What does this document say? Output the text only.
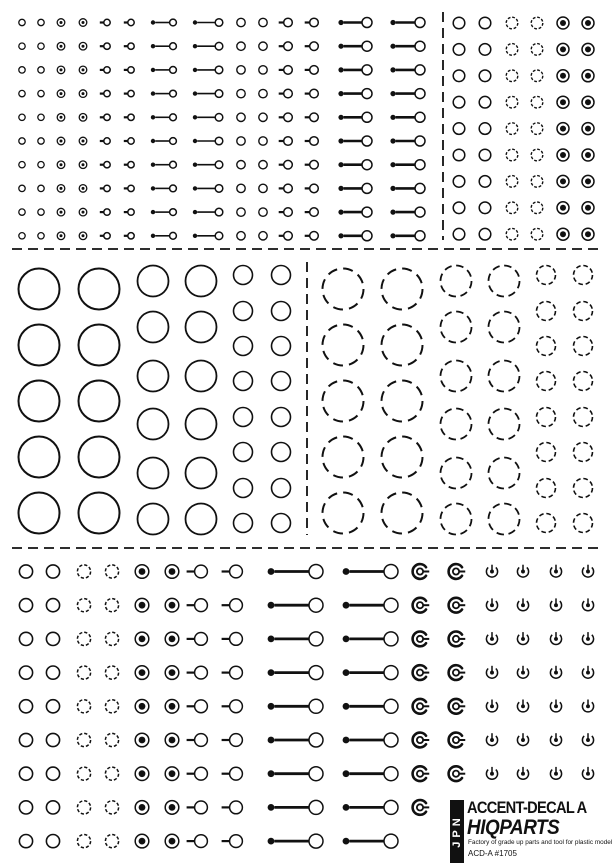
JPN
ACCENT-DECAL A
HIQPARTS
Factory of grade up parts and tool for plastic model
ACD-A #1705
